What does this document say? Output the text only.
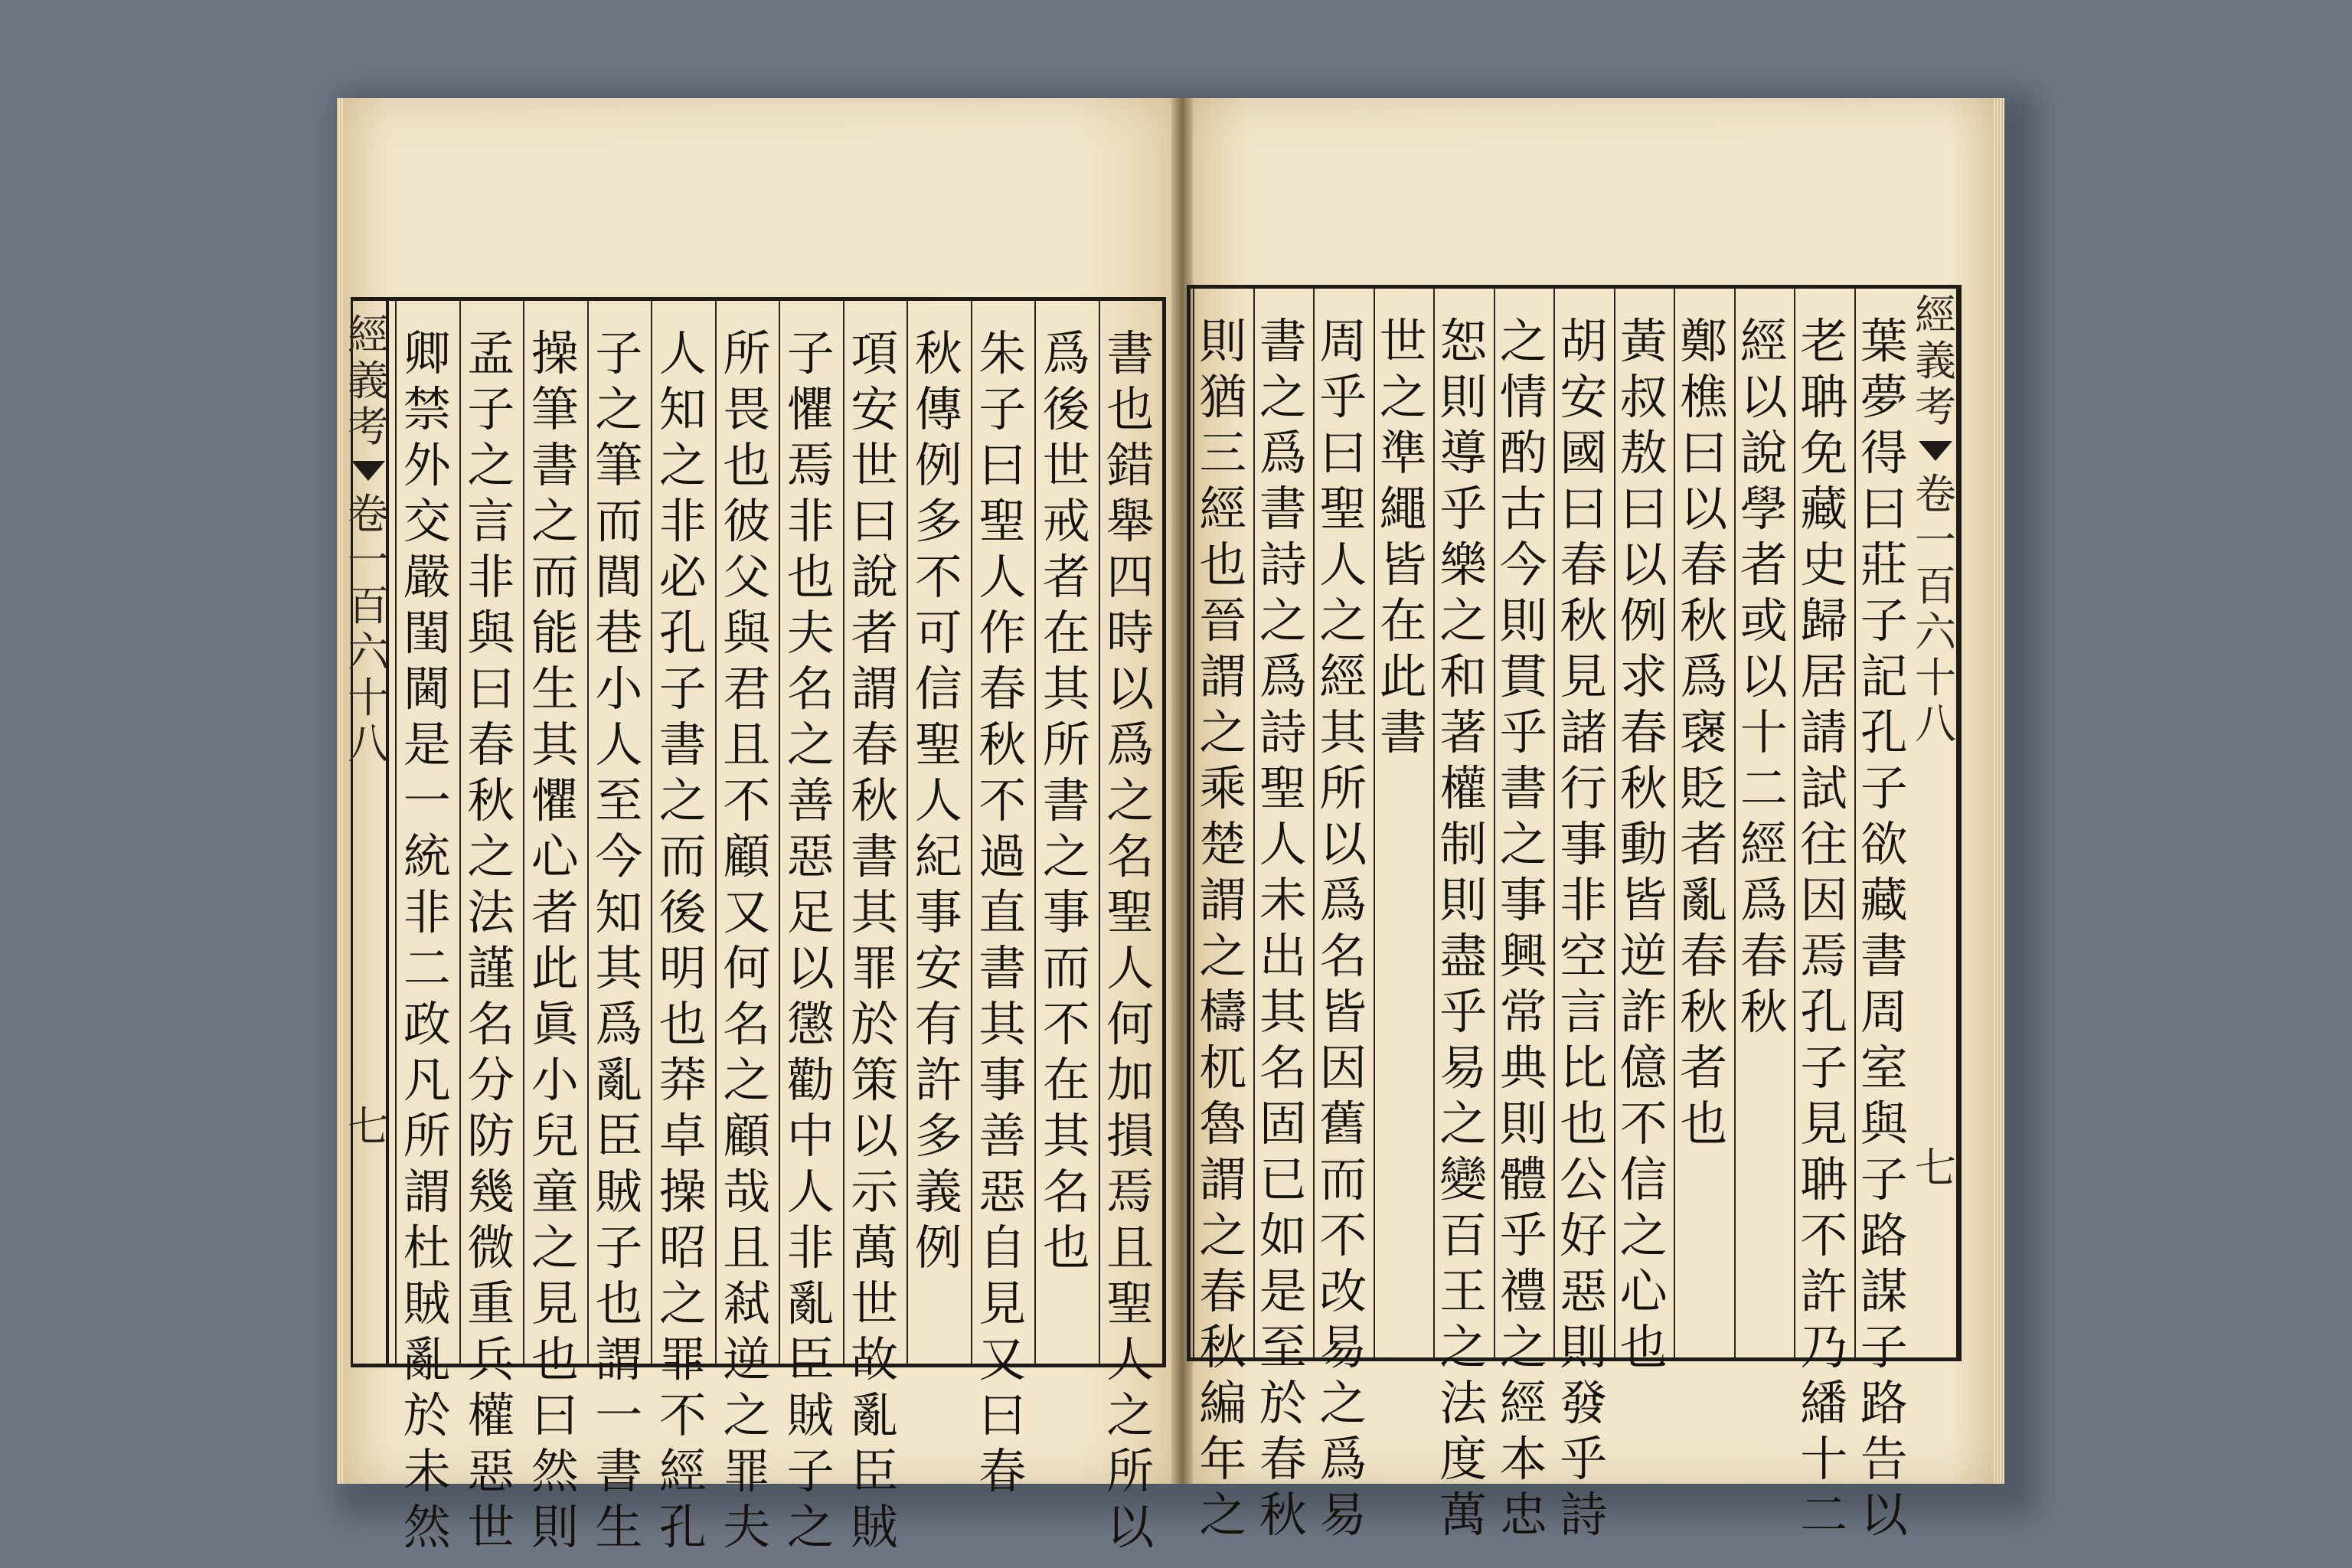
經
義
考
卷
一
百
六
十
八
七
書
也
錯
舉
四
時
以
爲
之
名
聖
人
何
加
損
焉
且
聖
人
之
所
以
爲
後
世
戒
者
在
其
所
書
之
事
而
不
在
其
名
也
朱
子
曰
聖
人
作
春
秋
不
過
直
書
其
事
善
惡
自
見
又
曰
春
秋
傳
例
多
不
可
信
聖
人
紀
事
安
有
許
多
義
例
項
安
世
曰
說
者
謂
春
秋
書
其
罪
於
策
以
示
萬
世
故
亂
臣
賊
子
懼
焉
非
也
夫
名
之
善
惡
足
以
懲
勸
中
人
非
亂
臣
賊
子
之
所
畏
也
彼
父
與
君
且
不
顧
又
何
名
之
顧
哉
且
弒
逆
之
罪
夫
人
知
之
非
必
孔
子
書
之
而
後
明
也
莽
卓
操
昭
之
罪
不
經
孔
子
之
筆
而
閭
巷
小
人
至
今
知
其
爲
亂
臣
賊
子
也
謂
一
書
生
操
筆
書
之
而
能
生
其
懼
心
者
此
眞
小
兒
童
之
見
也
曰
然
則
孟
子
之
言
非
與
曰
春
秋
之
法
謹
名
分
防
幾
微
重
兵
權
惡
世
卿
禁
外
交
嚴
閨
閫
是
一
統
非
二
政
凡
所
謂
杜
賊
亂
於
未
然
葉
夢
得
曰
莊
子
記
孔
子
欲
藏
書
周
室
與
子
路
謀
子
路
告
以
老
聃
免
藏
史
歸
居
請
試
往
因
焉
孔
子
見
聃
不
許
乃
繙
十
二
經
以
說
學
者
或
以
十
二
經
爲
春
秋
鄭
樵
曰
以
春
秋
爲
襃
貶
者
亂
春
秋
者
也
黃
叔
敖
曰
以
例
求
春
秋
動
皆
逆
詐
億
不
信
之
心
也
胡
安
國
曰
春
秋
見
諸
行
事
非
空
言
比
也
公
好
惡
則
發
乎
詩
之
情
酌
古
今
則
貫
乎
書
之
事
興
常
典
則
體
乎
禮
之
經
本
忠
恕
則
導
乎
樂
之
和
著
權
制
則
盡
乎
易
之
變
百
王
之
法
度
萬
世
之
準
繩
皆
在
此
書
周
乎
曰
聖
人
之
經
其
所
以
爲
名
皆
因
舊
而
不
改
易
之
爲
易
書
之
爲
書
詩
之
爲
詩
聖
人
未
出
其
名
固
已
如
是
至
於
春
秋
則
猶
三
經
也
晉
謂
之
乘
楚
謂
之
檮
杌
魯
謂
之
春
秋
編
年
之
經
義
考
卷
一
百
六
十
八
七
